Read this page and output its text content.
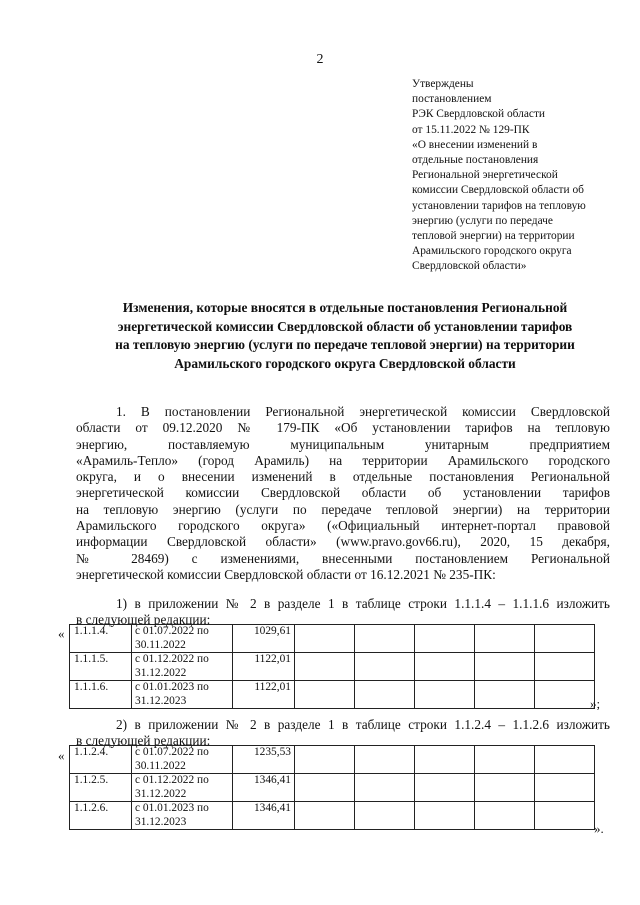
2
Утверждены
постановлением
РЭК Свердловской области
от 15.11.2022 № 129-ПК
«О внесении изменений в
отдельные постановления
Региональной энергетической
комиссии Свердловской области об
установлении тарифов на тепловую
энергию (услуги по передаче
тепловой энергии) на территории
Арамильского городского округа
Свердловской области»
Изменения, которые вносятся в отдельные постановления Региональной
энергетической комиссии Свердловской области об установлении тарифов
на тепловую энергию (услуги по передаче тепловой энергии) на территории
Арамильского городского округа Свердловской области
1. В постановлении Региональной энергетической комиссии Свердловской
области от 09.12.2020 № 179-ПК «Об установлении тарифов на тепловую
энергию, поставляемую муниципальным унитарным предприятием
«Арамиль-Тепло» (город Арамиль) на территории Арамильского городского
округа, и о внесении изменений в отдельные постановления Региональной
энергетической комиссии Свердловской области об установлении тарифов
на тепловую энергию (услуги по передаче тепловой энергии) на территории
Арамильского городского округа» («Официальный интернет-портал правовой
информации Свердловской области» (www.pravo.gov66.ru), 2020, 15 декабря,
№ 28469) с изменениями, внесенными постановлением Региональной
энергетической комиссии Свердловской области от 16.12.2021 № 235-ПК:
1) в приложении № 2 в разделе 1 в таблице строки 1.1.1.4 – 1.1.1.6 изложить
в следующей редакции:
« 1.1.1.4.	с 01.07.2022 по
30.11.2022	1029,61					
1.1.1.5.	с 01.12.2022 по
31.12.2022	1122,01					
1.1.1.6.	с 01.01.2023 по
31.12.2023	1122,01					
»;
2) в приложении № 2 в разделе 1 в таблице строки 1.1.2.4 – 1.1.2.6 изложить
в следующей редакции:
« 1.1.2.4.	с 01.07.2022 по
30.11.2022	1235,53					
1.1.2.5.	с 01.12.2022 по
31.12.2022	1346,41					
1.1.2.6.	с 01.01.2023 по
31.12.2023	1346,41					
».
